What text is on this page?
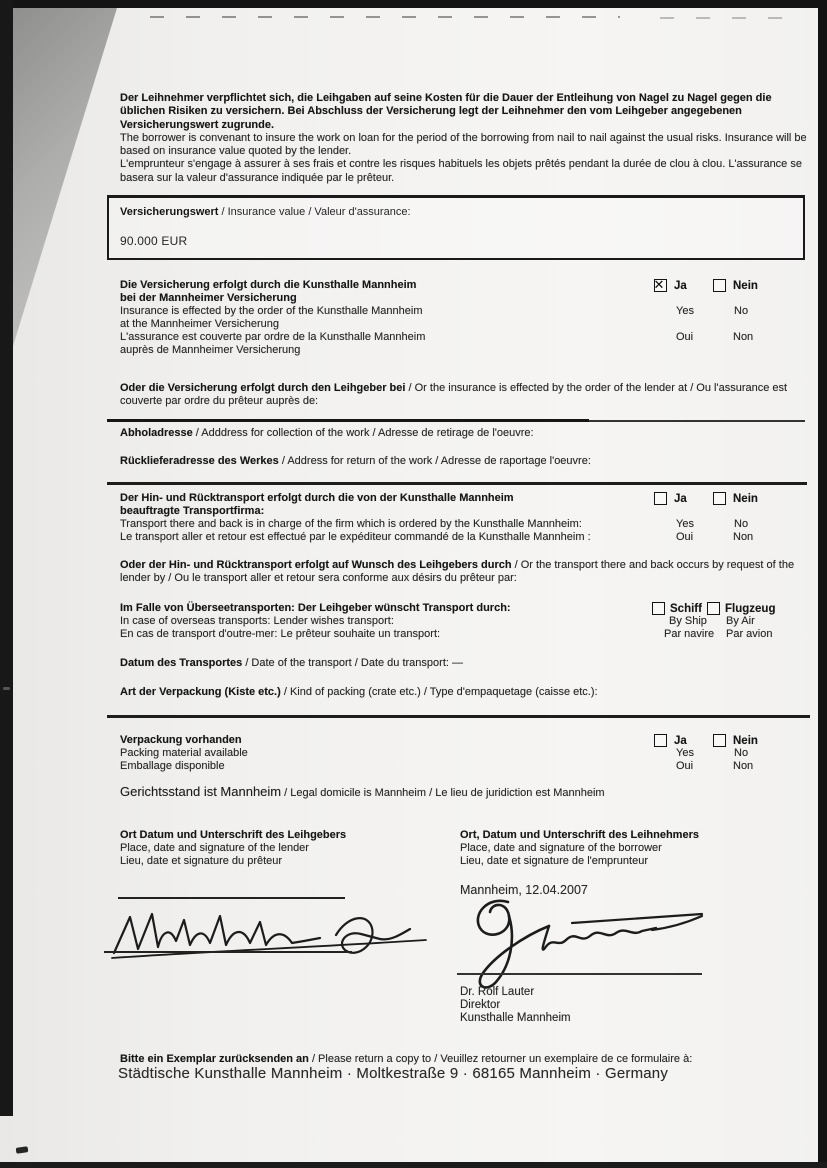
Der Leihnehmer verpflichtet sich, die Leihgaben auf seine Kosten für die Dauer der Entleihung von Nagel zu Nagel gegen die üblichen Risiken zu versichern. Bei Abschluss der Versicherung legt der Leihnehmer den vom Leihgeber angegebenen Versicherungswert zugrunde.

The borrower is convenant to insure the work on loan for the period of the borrowing from nail to nail against the usual risks. Insurance will be based on insurance value quoted by the lender.

L'emprunteur s'engage à assurer à ses frais et contre les risques habituels les objets prêtés pendant la durée de clou à clou. L'assurance se basera sur la valeur d'assurance indiquée par le prêteur.

Versicherungswert / Insurance value / Valeur d'assurance:
90.000 EUR
Die Versicherung erfolgt durch die Kunsthalle Mannheim
bei der Mannheimer Versicherung
Insurance is effected by the order of the Kunsthalle Mannheim
at the Mannheimer Versicherung
L'assurance est couverte par ordre de la Kunsthalle Mannheim
auprès de Mannheimer Versicherung
✕
Ja	Nein
Yes	No
Oui	Non
Oder die Versicherung erfolgt durch den Leihgeber bei / Or the insurance is effected by the order of the lender at / Ou l'assurance est couverte par ordre du prêteur auprès de:
Abholadresse / Adddress for collection of the work / Adresse de retirage de l'oeuvre:
Rücklieferadresse des Werkes / Address for return of the work / Adresse de raportage l'oeuvre:
Der Hin- und Rücktransport erfolgt durch die von der Kunsthalle Mannheim
beauftragte Transportfirma:
Transport there and back is in charge of the firm which is ordered by the Kunsthalle Mannheim:
Le transport aller et retour est effectué par le expéditeur commandé de la Kunsthalle Mannheim :
Ja	Nein
Yes	No
Oui	Non
Oder der Hin- und Rücktransport erfolgt auf Wunsch des Leihgebers durch / Or the transport there and back occurs by request of the lender by / Ou le transport aller et retour sera conforme aux désirs du prêteur par:
Im Falle von Überseetransporten: Der Leihgeber wünscht Transport durch:
In case of overseas transports: Lender wishes transport:
En cas de transport d'outre-mer: Le prêteur souhaite un transport:
Schiff Flugzeug
By Ship By Air
Par navire Par avion
Datum des Transportes / Date of the transport / Date du transport: —
Art der Verpackung (Kiste etc.) / Kind of packing (crate etc.) / Type d'empaquetage (caisse etc.):
Verpackung vorhanden
Packing material available
Emballage disponible
Ja	Nein
Yes	No
Oui	Non
Gerichtsstand ist Mannheim / Legal domicile is Mannheim / Le lieu de juridiction est Mannheim
Ort Datum und Unterschrift des Leihgebers
Place, date and signature of the lender
Lieu, date et signature du prêteur
Ort, Datum und Unterschrift des Leihnehmers
Place, date and signature of the borrower
Lieu, date et signature de l'emprunteur
Mannheim, 12.04.2007
Dr. Rolf Lauter
Direktor
Kunsthalle Mannheim
Bitte ein Exemplar zurücksenden an / Please return a copy to / Veuillez retourner un exemplaire de ce formulaire à:
Städtische Kunsthalle Mannheim · Moltkestraße 9 · 68165 Mannheim · Germany
